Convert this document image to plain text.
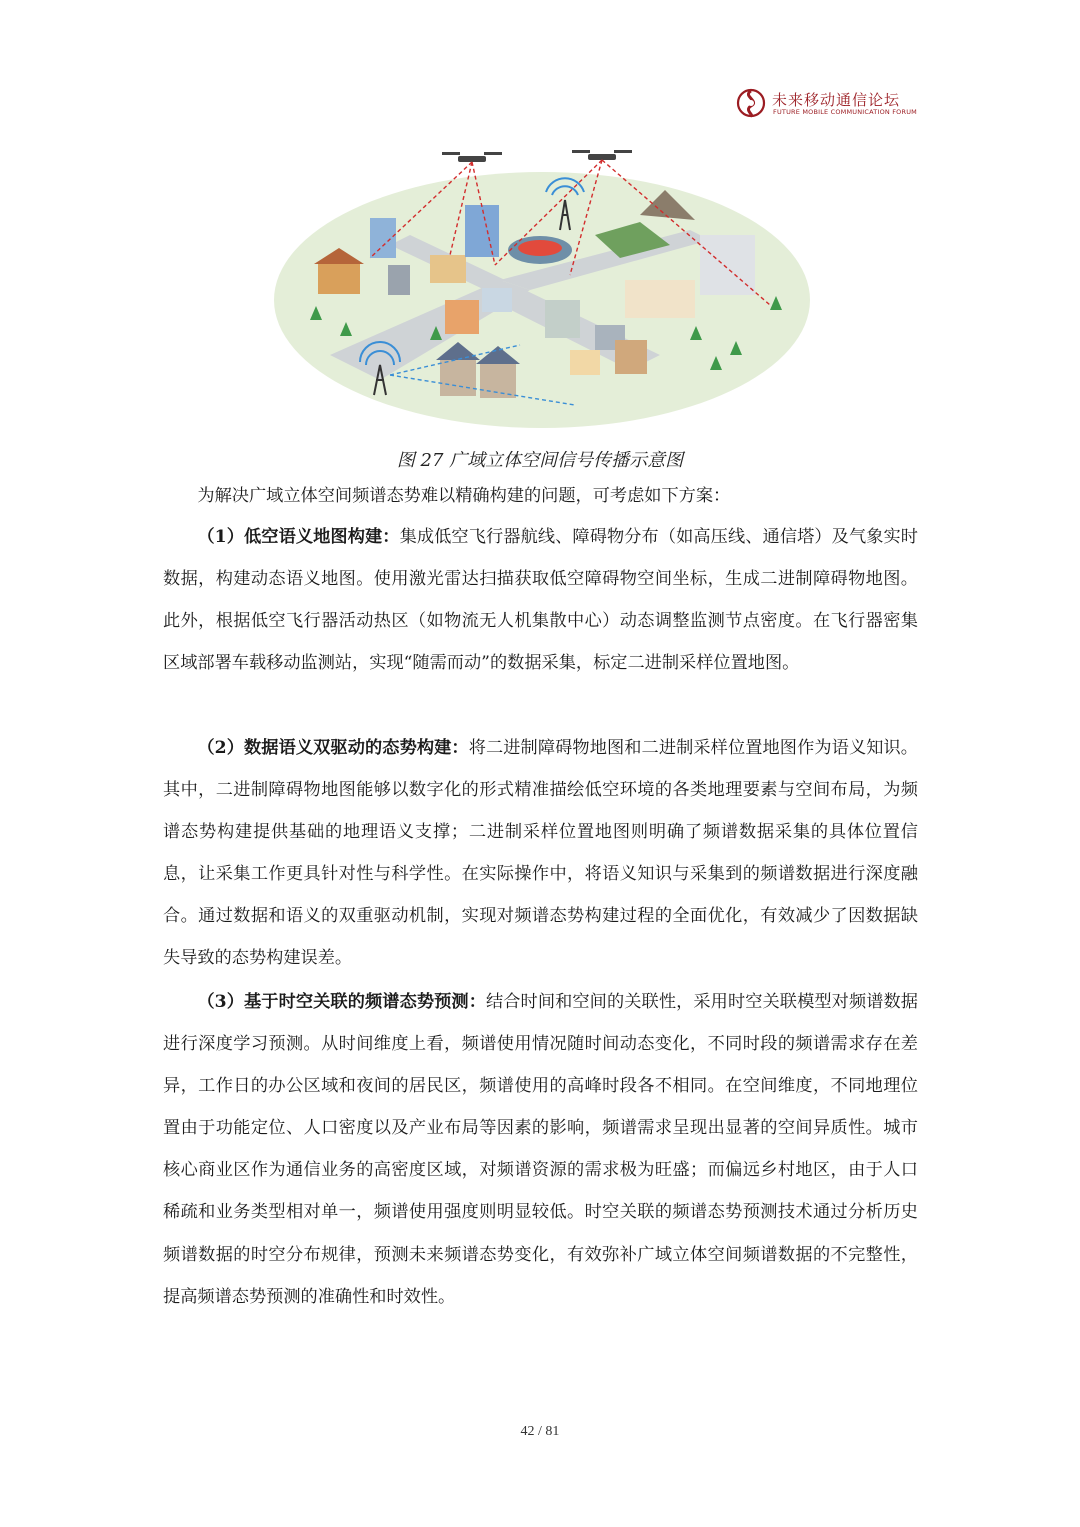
未来移动通信论坛
FUTURE MOBILE COMMUNICATION FORUM
图 27 广域立体空间信号传播示意图

为解决广域立体空间频谱态势难以精确构建的问题，可考虑如下方案：

（1）低空语义地图构建：集成低空飞行器航线、障碍物分布（如高压线、通信塔）及气象实时数据，构建动态语义地图。使用激光雷达扫描获取低空障碍物空间坐标，生成二进制障碍物地图。此外，根据低空飞行器活动热区（如物流无人机集散中心）动态调整监测节点密度。在飞行器密集区域部署车载移动监测站，实现“随需而动”的数据采集，标定二进制采样位置地图。

（2）数据语义双驱动的态势构建：将二进制障碍物地图和二进制采样位置地图作为语义知识。其中，二进制障碍物地图能够以数字化的形式精准描绘低空环境的各类地理要素与空间布局，为频谱态势构建提供基础的地理语义支撑；二进制采样位置地图则明确了频谱数据采集的具体位置信息，让采集工作更具针对性与科学性。在实际操作中，将语义知识与采集到的频谱数据进行深度融合。通过数据和语义的双重驱动机制，实现对频谱态势构建过程的全面优化，有效减少了因数据缺失导致的态势构建误差。

（3）基于时空关联的频谱态势预测：结合时间和空间的关联性，采用时空关联模型对频谱数据进行深度学习预测。从时间维度上看，频谱使用情况随时间动态变化，不同时段的频谱需求存在差异，工作日的办公区域和夜间的居民区，频谱使用的高峰时段各不相同。在空间维度，不同地理位置由于功能定位、人口密度以及产业布局等因素的影响，频谱需求呈现出显著的空间异质性。城市核心商业区作为通信业务的高密度区域，对频谱资源的需求极为旺盛；而偏远乡村地区，由于人口稀疏和业务类型相对单一，频谱使用强度则明显较低。时空关联的频谱态势预测技术通过分析历史频谱数据的时空分布规律，预测未来频谱态势变化，有效弥补广域立体空间频谱数据的不完整性，提高频谱态势预测的准确性和时效性。

42 / 81
